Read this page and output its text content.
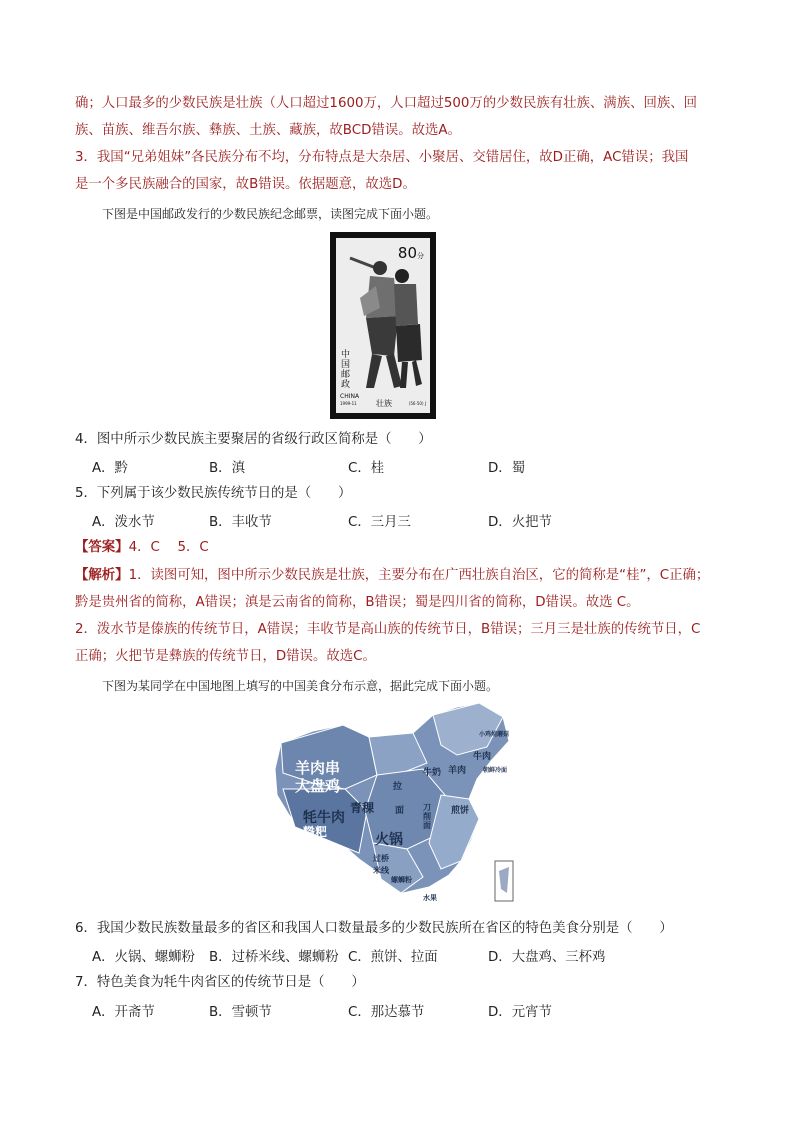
确；人口最多的少数民族是壮族（人口超过1600万，人口超过500万的少数民族有壮族、满族、回族、回
族、苗族、维吾尔族、彝族、土族、藏族，故BCD错误。故选A。
3．我国“兄弟姐妹”各民族分布不均，分布特点是大杂居、小聚居、交错居住，故D正确，AC错误；我国
是一个多民族融合的国家，故B错误。依据题意，故选D。
下图是中国邮政发行的少数民族纪念邮票，读图完成下面小题。
80分
中国邮政
CHINA
1999-11 壮族	(56-50) J
4．图中所示少数民族主要聚居的省级行政区简称是（　　）
A．黔	B．滇	C．桂	D．蜀
5．下列属于该少数民族传统节日的是（　　）
A．泼水节	B．丰收节	C．三月三	D．火把节
【答案】4．C　 5．C
【解析】1．读图可知，图中所示少数民族是壮族，主要分布在广西壮族自治区，它的简称是“桂”，C正确；
黔是贵州省的简称，A错误；滇是云南省的简称，B错误；蜀是四川省的简称，D错误。故选 C。
2．泼水节是傣族的传统节日，A错误；丰收节是高山族的传统节日，B错误；三月三是壮族的传统节日，C
正确；火把节是彝族的传统节日，D错误。故选C。
下图为某同学在中国地图上填写的中国美食分布示意，据此完成下面小题。
羊肉串
大盘鸡
牦牛肉
糌粑
青稞
火锅
拉
面
牛奶 羊肉
牛肉
刀削面
煎饼
过桥
米线
螺蛳粉
水果
小鸡炖蘑菇
朝鲜冷面
北京：烤鸭
天津：包子
上海：油面筋
香港：早茶点、奶茶
澳门：葡挞
6．我国少数民族数量最多的省区和我国人口数量最多的少数民族所在省区的特色美食分别是（　　）
A．火锅、螺蛳粉 B．过桥米线、螺蛳粉 C．煎饼、拉面	D．大盘鸡、三杯鸡
7．特色美食为牦牛肉省区的传统节日是（　　）
A．开斋节	B．雪顿节	C．那达慕节	D．元宵节
